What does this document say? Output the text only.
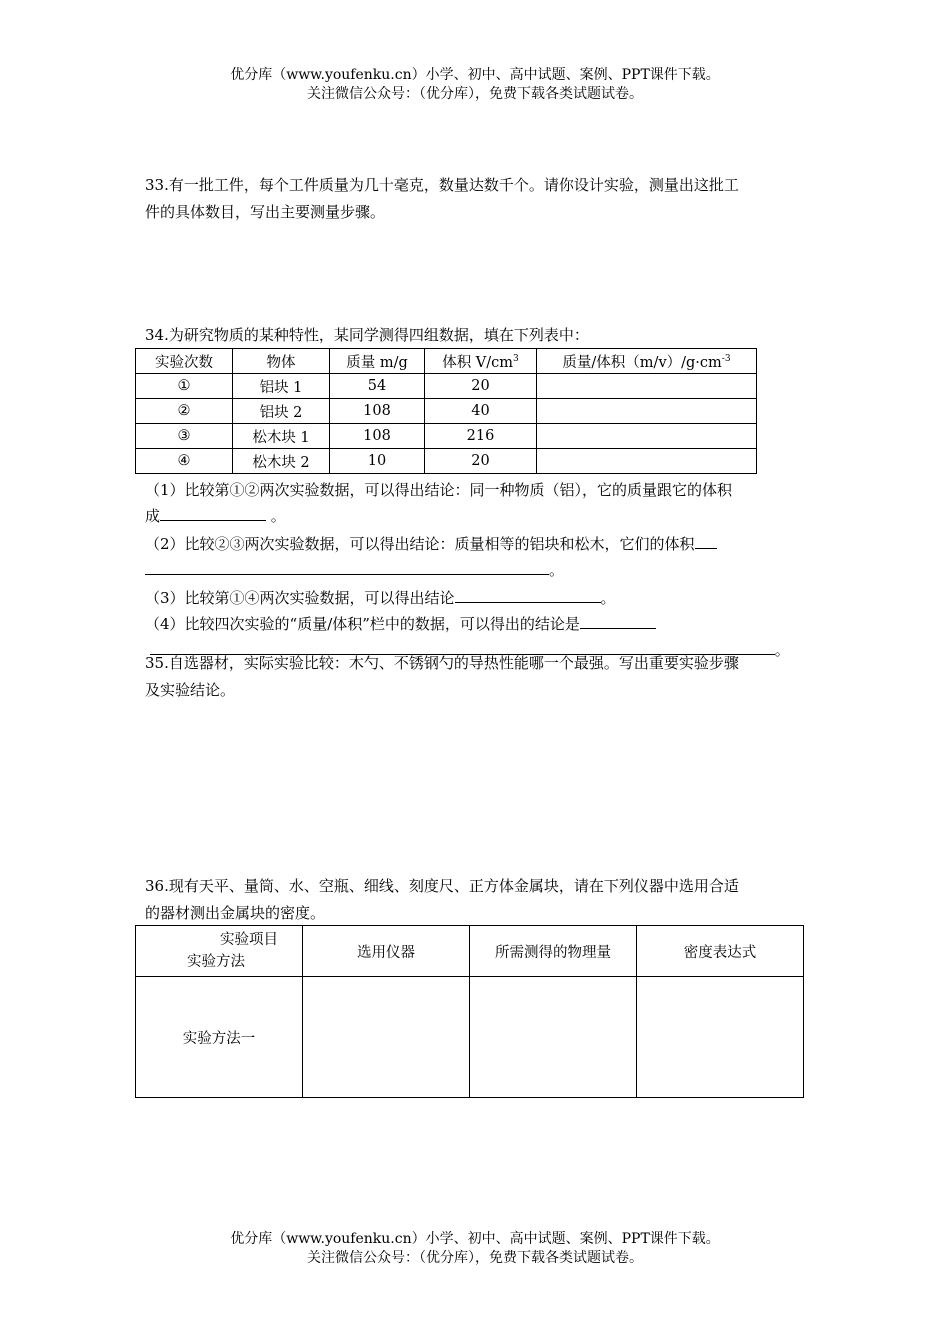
优分库（www.youfenku.cn）小学、初中、高中试题、案例、PPT课件下载。
关注微信公众号：（优分库），免费下载各类试题试卷。
33.有一批工件，每个工件质量为几十毫克，数量达数千个。请你设计实验，测量出这批工
件的具体数目，写出主要测量步骤。
34.为研究物质的某种特性，某同学测得四组数据，填在下列表中：
实验次数	物体	质量 m/g	体积 $V/cm^3$	质量/体积$(m/v)/g\cdot cm^{-3}$
①	铝块 1	54	20	
②	铝块 2	108	40	
③	松木块 1	108	216	
④	松木块 2	10	20	
（1）比较第①②两次实验数据，可以得出结论：同一种物质（铝），它的质量跟它的体积
成	。
（2）比较②③两次实验数据，可以得出结论：质量相等的铝块和松木，它们的体积
。
（3）比较第①④两次实验数据，可以得出结论	。
（4）比较四次实验的“质量/体积”栏中的数据，可以得出的结论是
。
35.自选器材，实际实验比较：木勺、不锈钢勺的导热性能哪一个最强。写出重要实验步骤
及实验结论。
36.现有天平、量筒、水、空瓶、细线、刻度尺、正方体金属块，请在下列仪器中选用合适
的器材测出金属块的密度。
实验项目
实验方法	选用仪器	所需测得的物理量	密度表达式
实验方法一			
优分库（www.youfenku.cn）小学、初中、高中试题、案例、PPT课件下载。
关注微信公众号：（优分库），免费下载各类试题试卷。
